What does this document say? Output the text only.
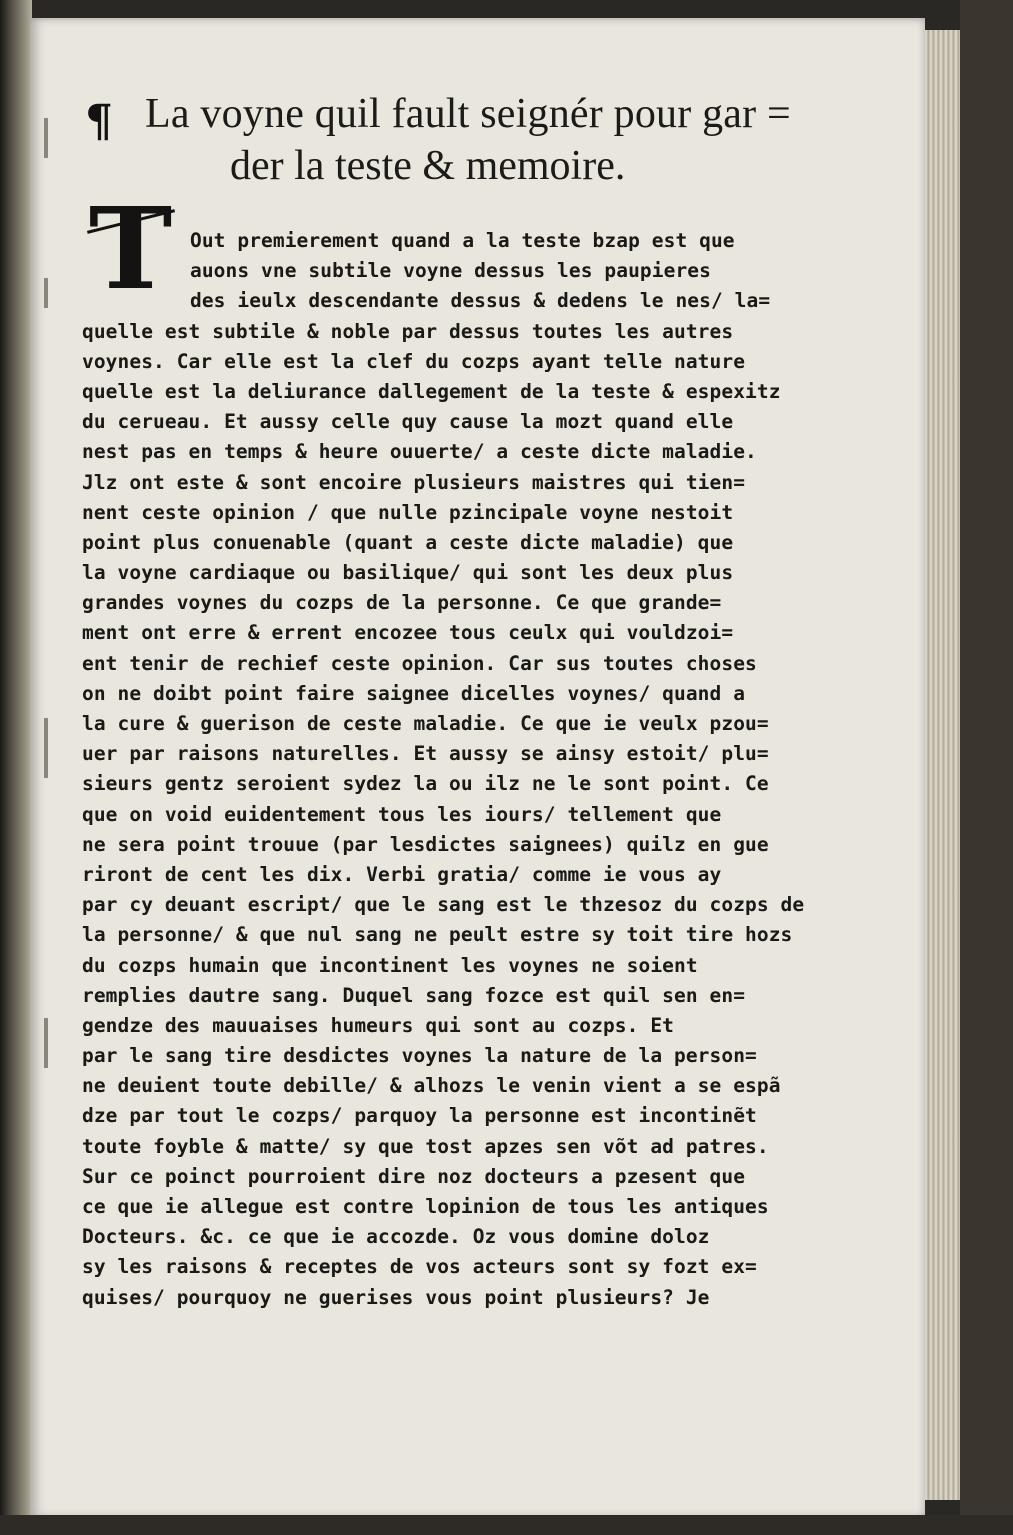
¶ La voyne quil fault seignér pour gar =
der la teste & memoire.
T Out premierement quand a la teste bzap est que
auons vne subtile voyne dessus les paupieres
des ieulx descendante dessus & dedens le nes/ la=
quelle est subtile & noble par dessus toutes les autres
voynes. Car elle est la clef du cozps ayant telle nature
quelle est la deliurance dallegement de la teste & espexitz
du cerueau. Et aussy celle quy cause la mozt quand elle
nest pas en temps & heure ouuerte/ a ceste dicte maladie.
Jlz ont este & sont encoire plusieurs maistres qui tien=
nent ceste opinion / que nulle pzincipale voyne nestoit
point plus conuenable (quant a ceste dicte maladie) que
la voyne cardiaque ou basilique/ qui sont les deux plus
grandes voynes du cozps de la personne. Ce que grande=
ment ont erre & errent encozee tous ceulx qui vouldzoi=
ent tenir de rechief ceste opinion. Car sus toutes choses
on ne doibt point faire saignee dicelles voynes/ quand a
la cure & guerison de ceste maladie. Ce que ie veulx pzou=
uer par raisons naturelles. Et aussy se ainsy estoit/ plu=
sieurs gentz seroient sydez la ou ilz ne le sont point. Ce
que on void euidentement tous les iours/ tellement que
ne sera point trouue (par lesdictes saignees) quilz en gue
riront de cent les dix. Verbi gratia/ comme ie vous ay
par cy deuant escript/ que le sang est le thzesoz du cozps de
la personne/ & que nul sang ne peult estre sy toit tire hozs
du cozps humain que incontinent les voynes ne soient
remplies dautre sang. Duquel sang fozce est quil sen en=
gendze des mauuaises humeurs qui sont au cozps. Et
par le sang tire desdictes voynes la nature de la person=
ne deuient toute debille/ & alhozs le venin vient a se espã
dze par tout le cozps/ parquoy la personne est incontinẽt
toute foyble & matte/ sy que tost apzes sen võt ad patres.
Sur ce poinct pourroient dire noz docteurs a pzesent que
ce que ie allegue est contre lopinion de tous les antiques
Docteurs. &c. ce que ie accozde. Oz vous domine doloz
sy les raisons & receptes de vos acteurs sont sy fozt ex=
quises/ pourquoy ne guerises vous point plusieurs? Je
